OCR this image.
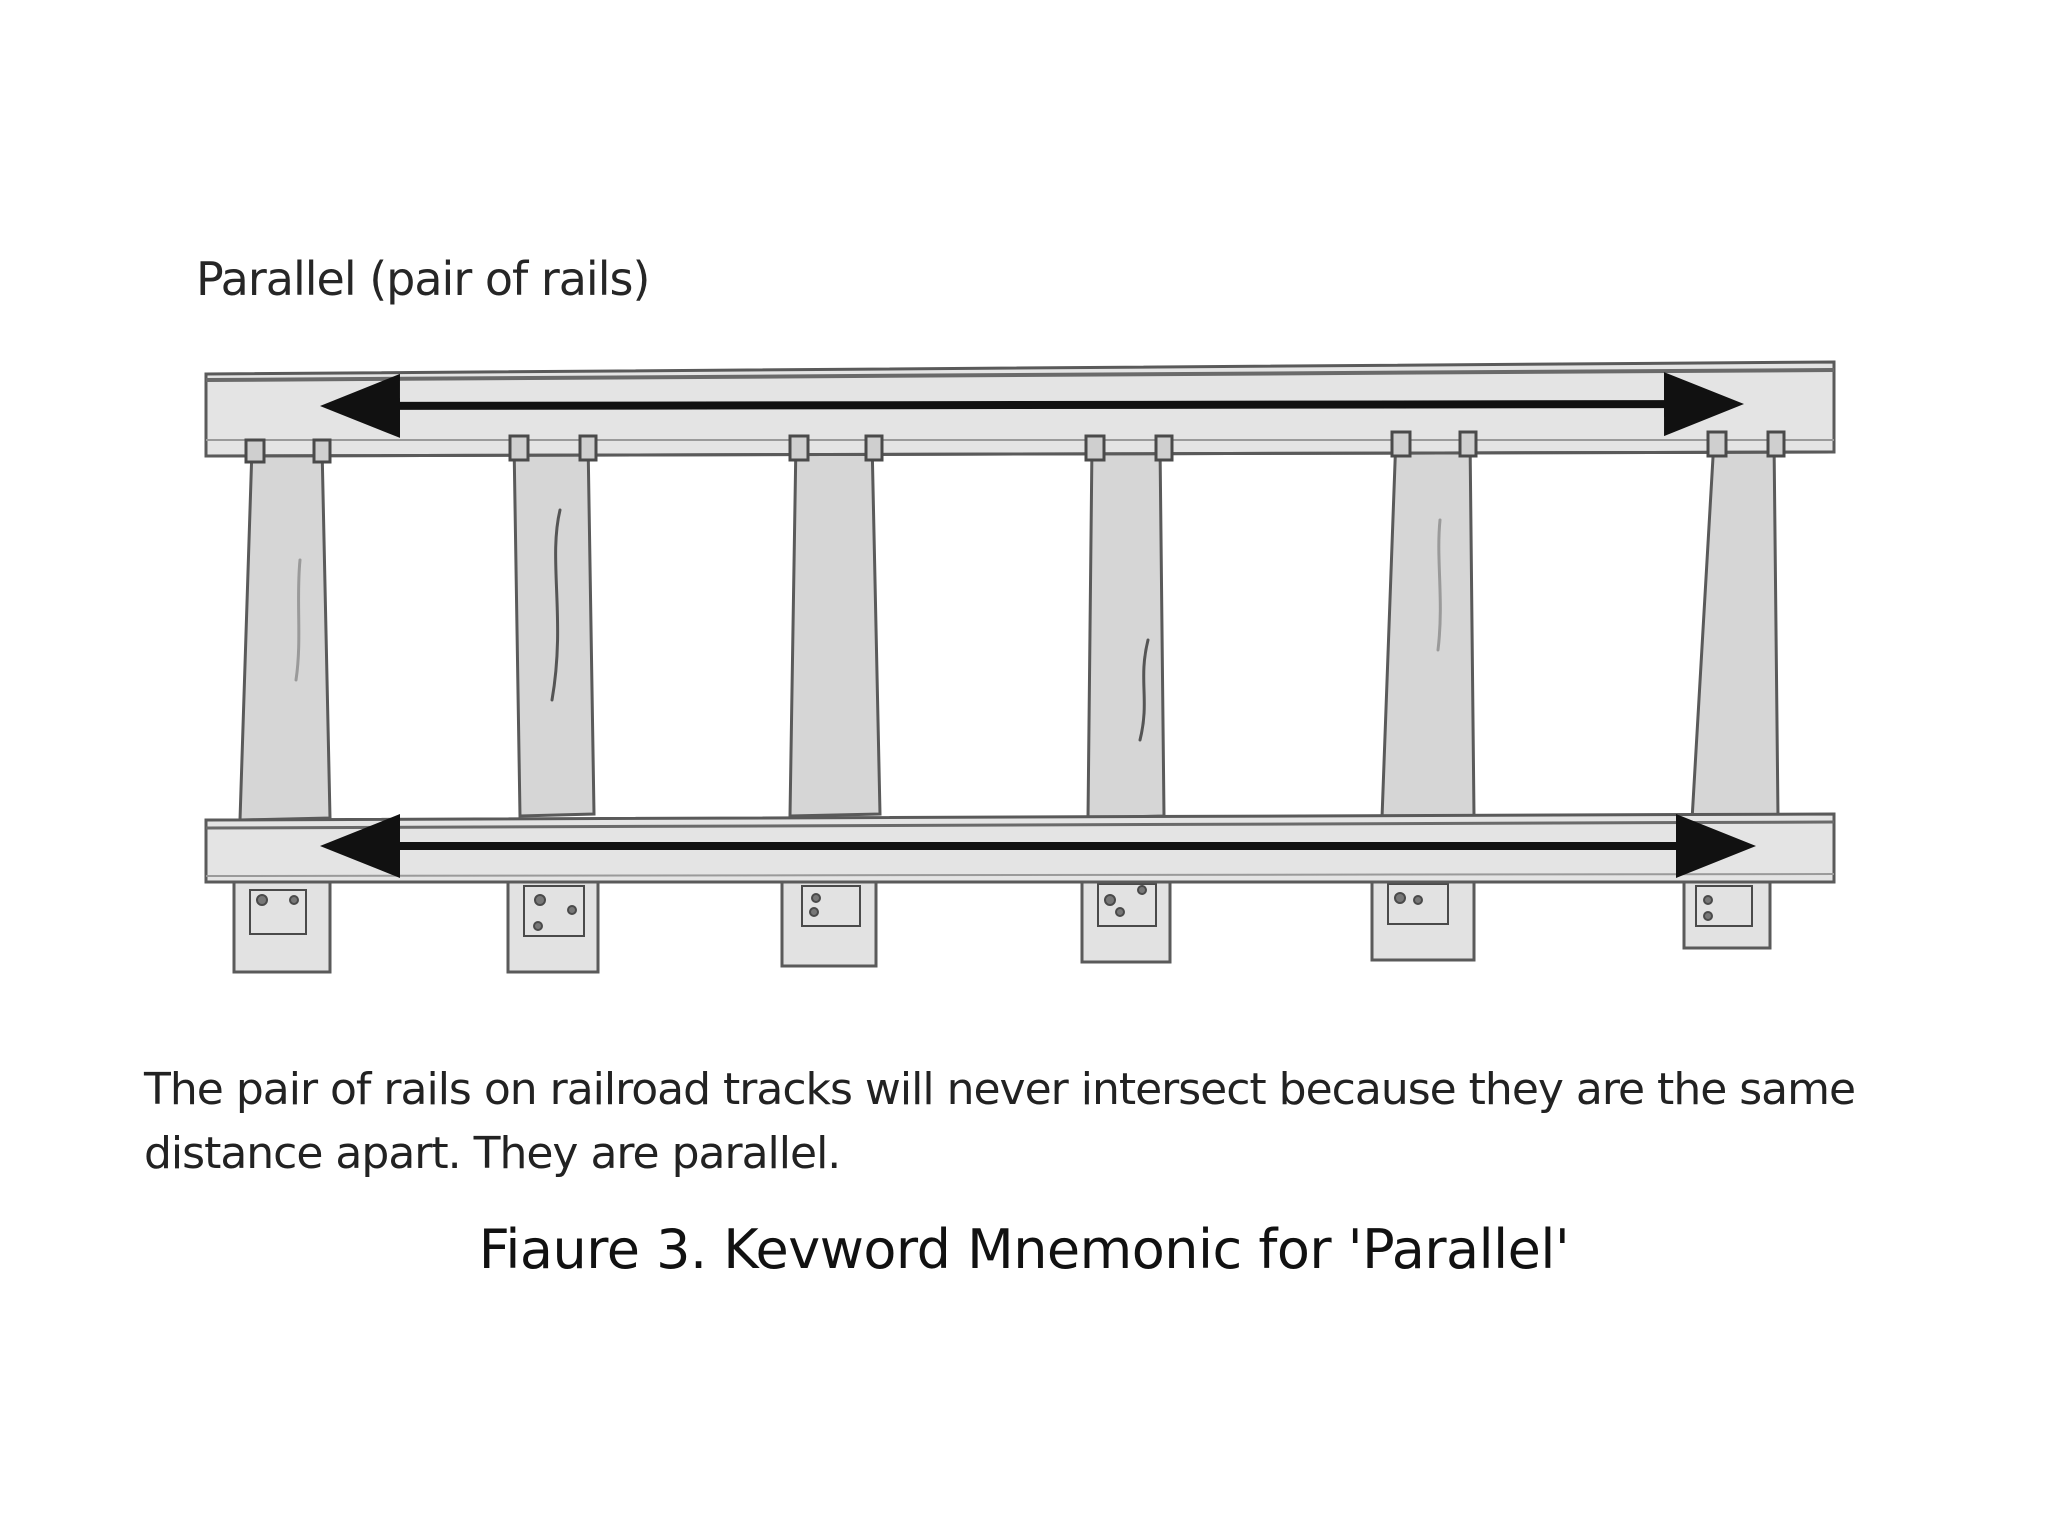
Parallel (pair of rails)
The pair of rails on railroad tracks will never intersect because they are the same distance apart. They are parallel.
Fiaure 3. Kevword Mnemonic for 'Parallel'
